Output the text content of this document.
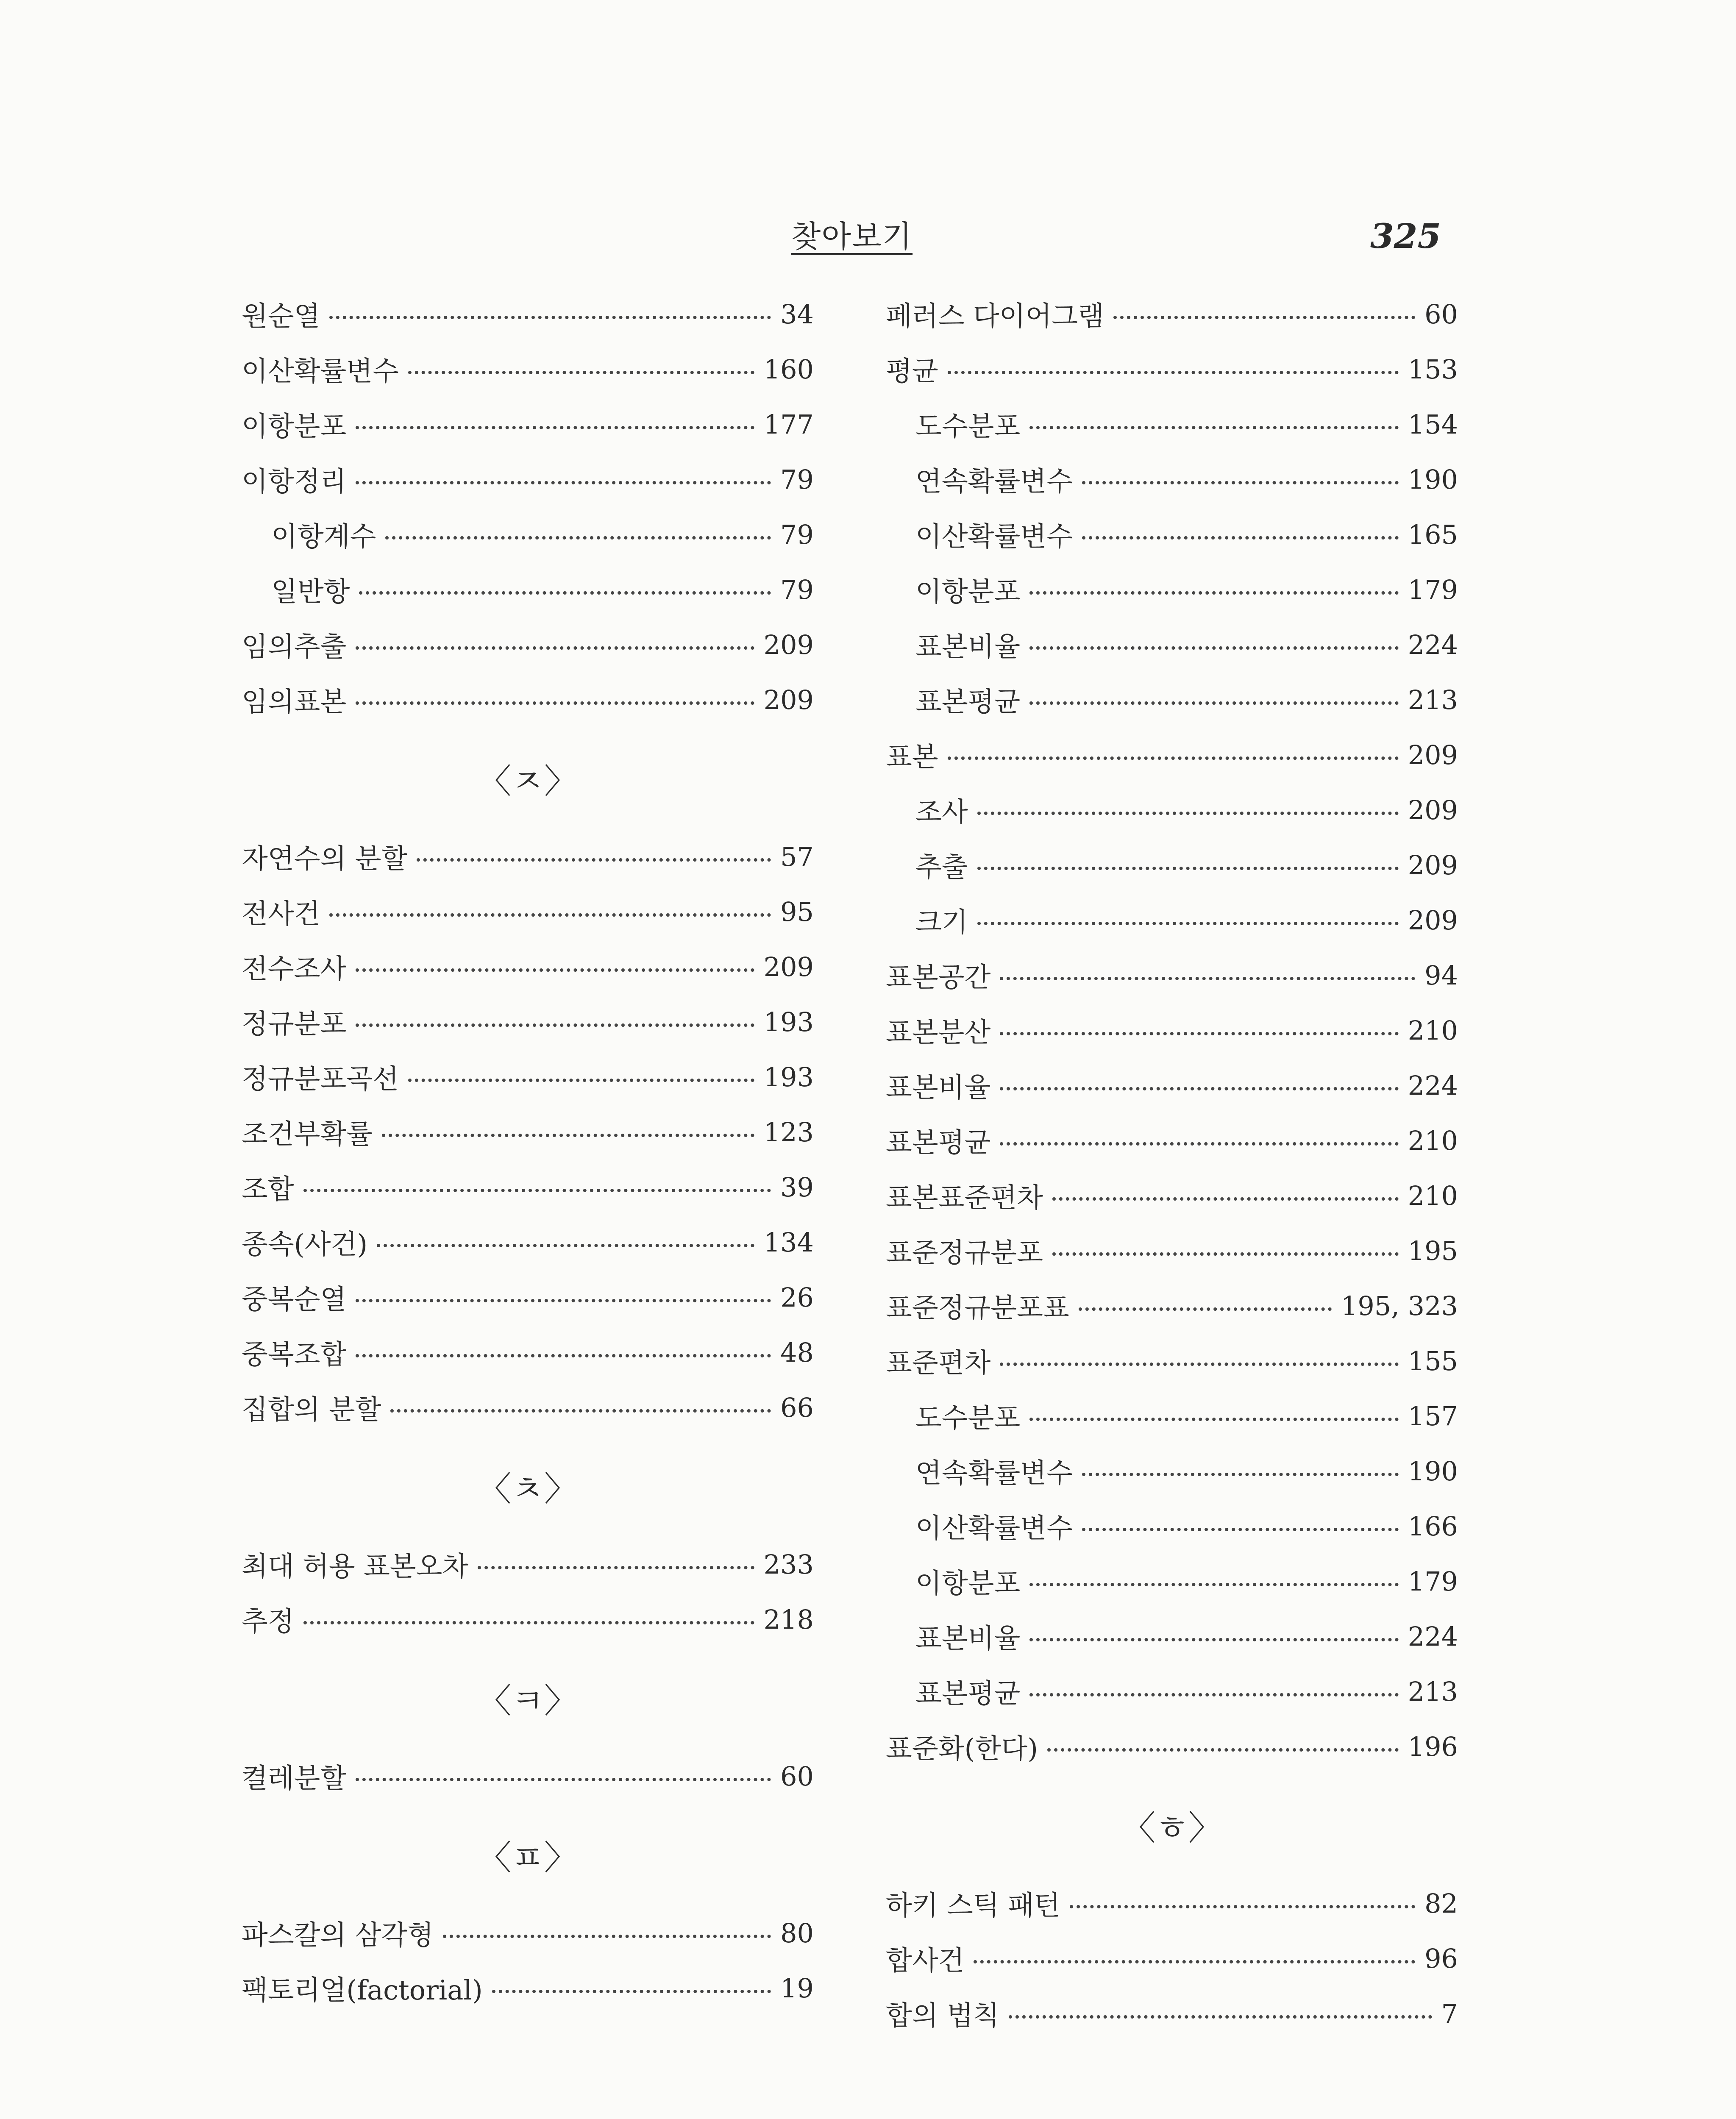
찾아보기	325
원순열	34
이산확률변수	160
이항분포	177
이항정리	79
이항계수	79
일반항	79
임의추출	209
임의표본	209
〈ㅈ〉
자연수의 분할	57
전사건	95
전수조사	209
정규분포	193
정규분포곡선	193
조건부확률	123
조합	39
종속(사건)	134
중복순열	26
중복조합	48
집합의 분할	66
〈ㅊ〉
최대 허용 표본오차	233
추정	218
〈ㅋ〉
켤레분할	60
〈ㅍ〉
파스칼의 삼각형	80
팩토리얼(factorial)	19
페러스 다이어그램	60
평균	153
도수분포	154
연속확률변수	190
이산확률변수	165
이항분포	179
표본비율	224
표본평균	213
표본	209
조사	209
추출	209
크기	209
표본공간	94
표본분산	210
표본비율	224
표본평균	210
표본표준편차	210
표준정규분포	195
표준정규분포표	195, 323
표준편차	155
도수분포	157
연속확률변수	190
이산확률변수	166
이항분포	179
표본비율	224
표본평균	213
표준화(한다)	196
〈ㅎ〉
하키 스틱 패턴	82
합사건	96
합의 법칙	7
